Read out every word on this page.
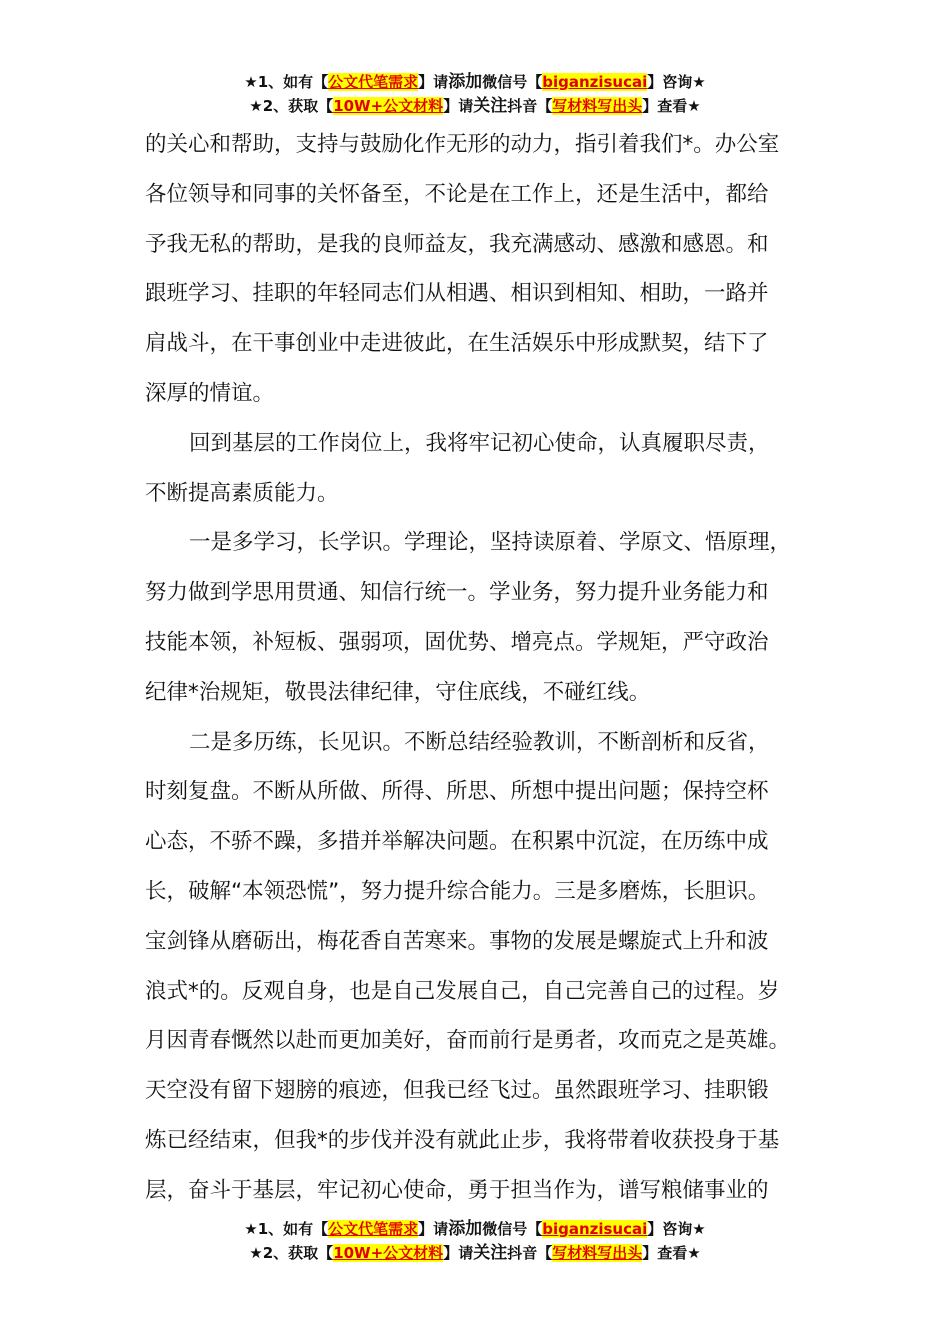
★1、如有【公文代笔需求】请添加微信号【biganzisucai】咨询★
★2、获取【10W+公文材料】请关注抖音【写材料写出头】查看★

的关心和帮助，支持与鼓励化作无形的动力，指引着我们*。办公室
各位领导和同事的关怀备至，不论是在工作上，还是生活中，都给
予我无私的帮助，是我的良师益友，我充满感动、感激和感恩。和
跟班学习、挂职的年轻同志们从相遇、相识到相知、相助，一路并
肩战斗，在干事创业中走进彼此，在生活娱乐中形成默契，结下了
深厚的情谊。

回到基层的工作岗位上，我将牢记初心使命，认真履职尽责，
不断提高素质能力。

一是多学习，长学识。学理论，坚持读原着、学原文、悟原理，
努力做到学思用贯通、知信行统一。学业务，努力提升业务能力和
技能本领，补短板、强弱项，固优势、增亮点。学规矩，严守政治
纪律*治规矩，敬畏法律纪律，守住底线，不碰红线。

二是多历练，长见识。不断总结经验教训，不断剖析和反省，
时刻复盘。不断从所做、所得、所思、所想中提出问题；保持空杯
心态，不骄不躁，多措并举解决问题。在积累中沉淀，在历练中成
长，破解“本领恐慌”，努力提升综合能力。三是多磨炼，长胆识。
宝剑锋从磨砺出，梅花香自苦寒来。事物的发展是螺旋式上升和波
浪式*的。反观自身，也是自己发展自己，自己完善自己的过程。岁
月因青春慨然以赴而更加美好，奋而前行是勇者，攻而克之是英雄。
天空没有留下翅膀的痕迹，但我已经飞过。虽然跟班学习、挂职锻
炼已经结束，但我*的步伐并没有就此止步，我将带着收获投身于基
层，奋斗于基层，牢记初心使命，勇于担当作为，谱写粮储事业的

★1、如有【公文代笔需求】请添加微信号【biganzisucai】咨询★
★2、获取【10W+公文材料】请关注抖音【写材料写出头】查看★
